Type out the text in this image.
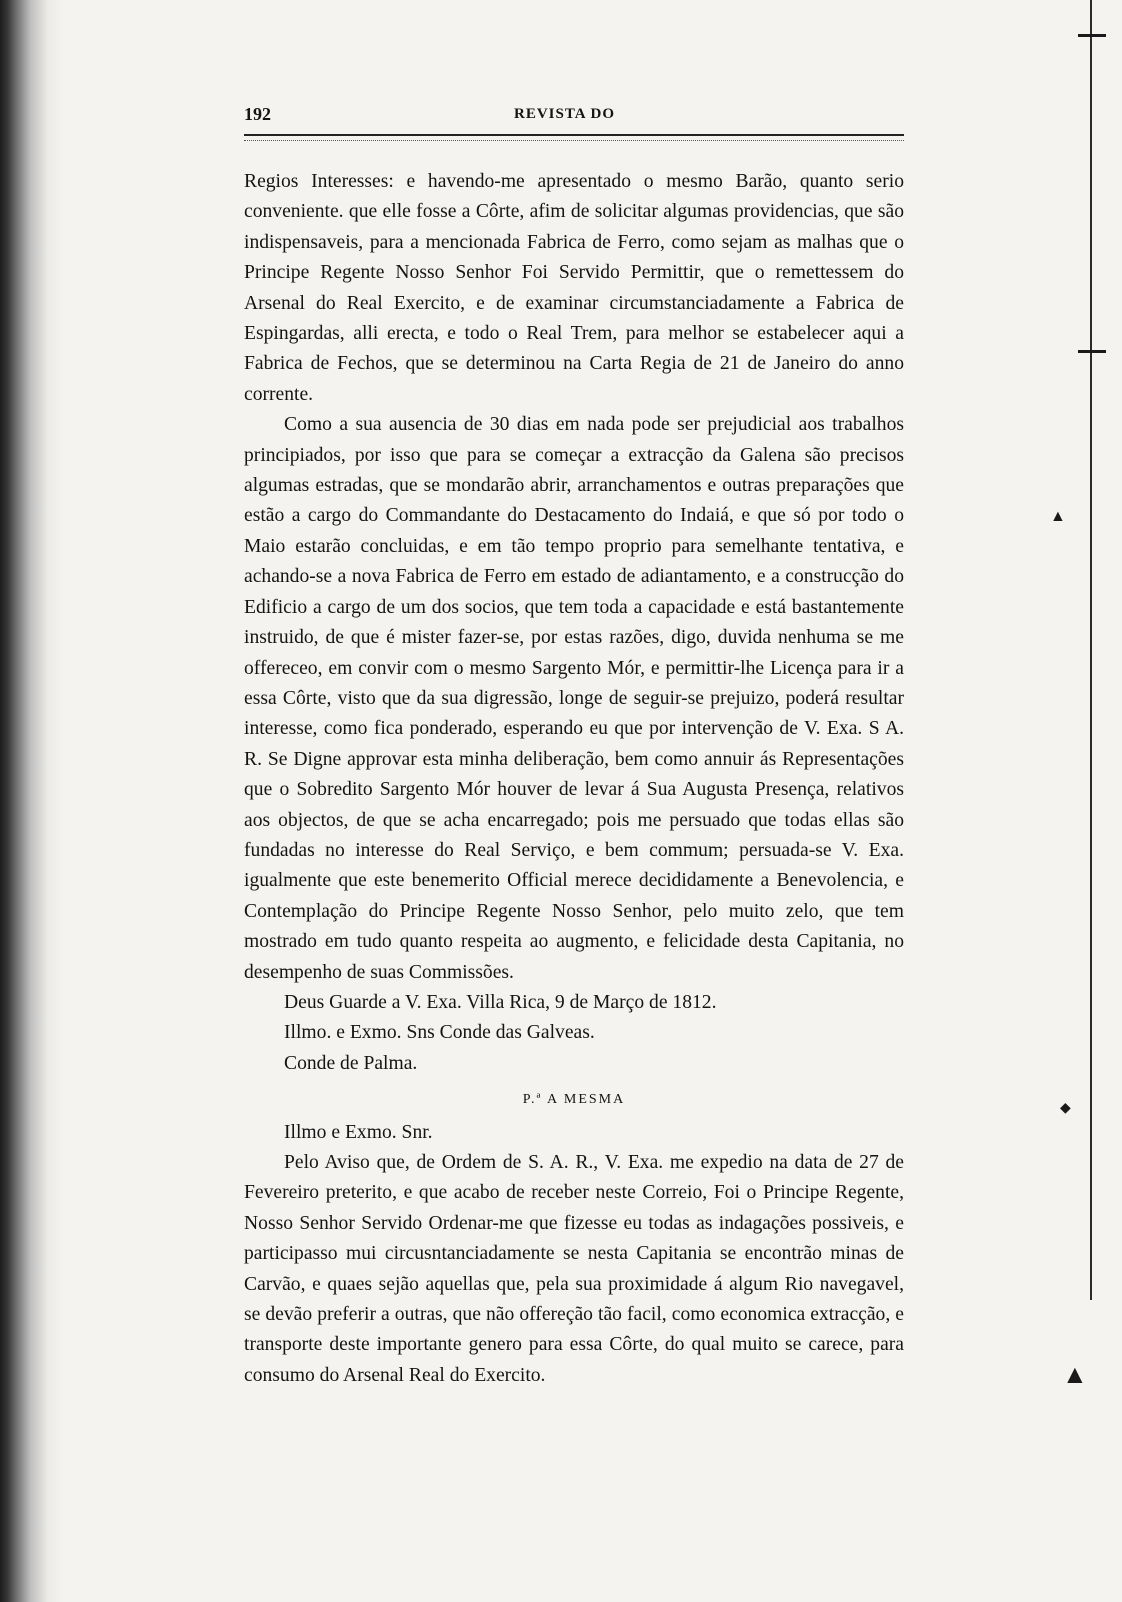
▲
◆
▲
192	REVISTA DO

Regios Interesses: e havendo-me apresentado o mesmo Barão, quanto serio conveniente. que elle fosse a Côrte, afim de solicitar algumas providencias, que são indispensaveis, para a mencionada Fabrica de Ferro, como sejam as malhas que o Principe Regente Nosso Senhor Foi Servido Permittir, que o remettessem do Arsenal do Real Exercito, e de examinar circumstanciadamente a Fabrica de Espingardas, alli erecta, e todo o Real Trem, para melhor se estabelecer aqui a Fabrica de Fechos, que se determinou na Carta Regia de 21 de Janeiro do anno corrente.

Como a sua ausencia de 30 dias em nada pode ser prejudicial aos trabalhos principiados, por isso que para se começar a extracção da Galena são precisos algumas estradas, que se mondarão abrir, arranchamentos e outras preparações que estão a cargo do Commandante do Destacamento do Indaiá, e que só por todo o Maio estarão concluidas, e em tão tempo proprio para semelhante tentativa, e achando-se a nova Fabrica de Ferro em estado de adiantamento, e a construcção do Edificio a cargo de um dos socios, que tem toda a capacidade e está bastantemente instruido, de que é mister fazer-se, por estas razões, digo, duvida nenhuma se me offereceo, em convir com o mesmo Sargento Mór, e permittir-lhe Licença para ir a essa Côrte, visto que da sua digressão, longe de seguir-se prejuizo, poderá resultar interesse, como fica ponderado, esperando eu que por intervenção de V. Exa. S A. R. Se Digne approvar esta minha deliberação, bem como annuir ás Representações que o Sobredito Sargento Mór houver de levar á Sua Augusta Presença, relativos aos objectos, de que se acha encarregado; pois me persuado que todas ellas são fundadas no interesse do Real Serviço, e bem commum; persuada-se V. Exa. igualmente que este benemerito Official merece decididamente a Benevolencia, e Contemplação do Principe Regente Nosso Senhor, pelo muito zelo, que tem mostrado em tudo quanto respeita ao augmento, e felicidade desta Capitania, no desempenho de suas Commissões.

Deus Guarde a V. Exa. Villa Rica, 9 de Março de 1812.

Illmo. e Exmo. Sns Conde das Galveas.

Conde de Palma.

P.ª A MESMA

Illmo e Exmo. Snr.

Pelo Aviso que, de Ordem de S. A. R., V. Exa. me expedio na data de 27 de Fevereiro preterito, e que acabo de receber neste Correio, Foi o Principe Regente, Nosso Senhor Servido Ordenar-me que fizesse eu todas as indagações possiveis, e participasso mui circusntanciadamente se nesta Capitania se encontrão minas de Carvão, e quaes sejão aquellas que, pela sua proximidade á algum Rio navegavel, se devão preferir a outras, que não offereção tão facil, como economica extracção, e transporte deste importante genero para essa Côrte, do qual muito se carece, para consumo do Arsenal Real do Exercito.
